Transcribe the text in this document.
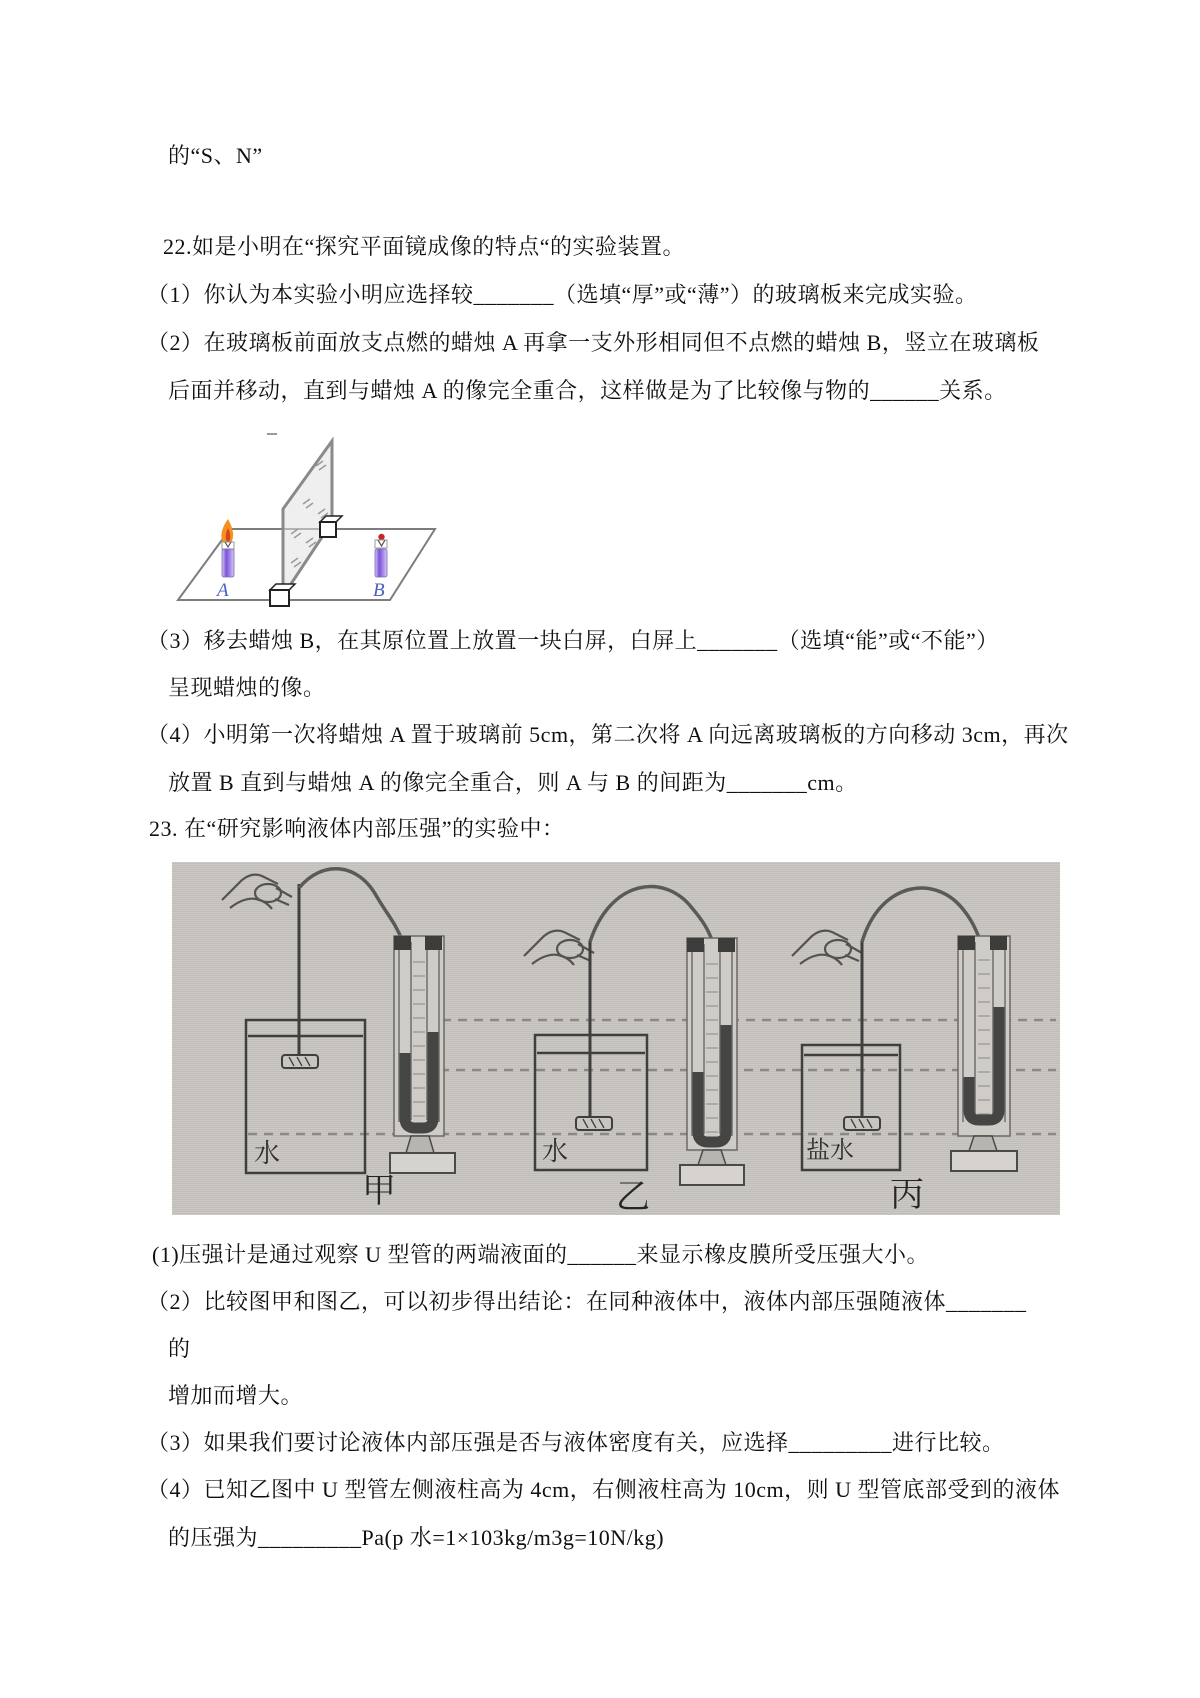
的“S、N”
22.如是小明在“探究平面镜成像的特点“的实验装置。
（1）你认为本实验小明应选择较_______（选填“厚”或“薄”）的玻璃板来完成实验。
（2）在玻璃板前面放支点燃的蜡烛 A 再拿一支外形相同但不点燃的蜡烛 B，竖立在玻璃板
后面并移动，直到与蜡烛 A 的像完全重合，这样做是为了比较像与物的______关系。
（3）移去蜡烛 B，在其原位置上放置一块白屏，白屏上_______（选填“能”或“不能”）
呈现蜡烛的像。
（4）小明第一次将蜡烛 A 置于玻璃前 5cm，第二次将 A 向远离玻璃板的方向移动 3cm，再次
放置 B 直到与蜡烛 A 的像完全重合，则 A 与 B 的间距为_______cm。
23. 在“研究影响液体内部压强”的实验中：
(1)压强计是通过观察 U 型管的两端液面的______来显示橡皮膜所受压强大小。
（2）比较图甲和图乙，可以初步得出结论：在同种液体中，液体内部压强随液体_______
的
增加而增大。
（3）如果我们要讨论液体内部压强是否与液体密度有关，应选择_________进行比较。
（4）已知乙图中 U 型管左侧液柱高为 4cm，右侧液柱高为 10cm，则 U 型管底部受到的液体
的压强为_________Pa(p 水=1×103kg/m3g=10N/kg)
A	B
水
甲
水
乙
盐水
丙
